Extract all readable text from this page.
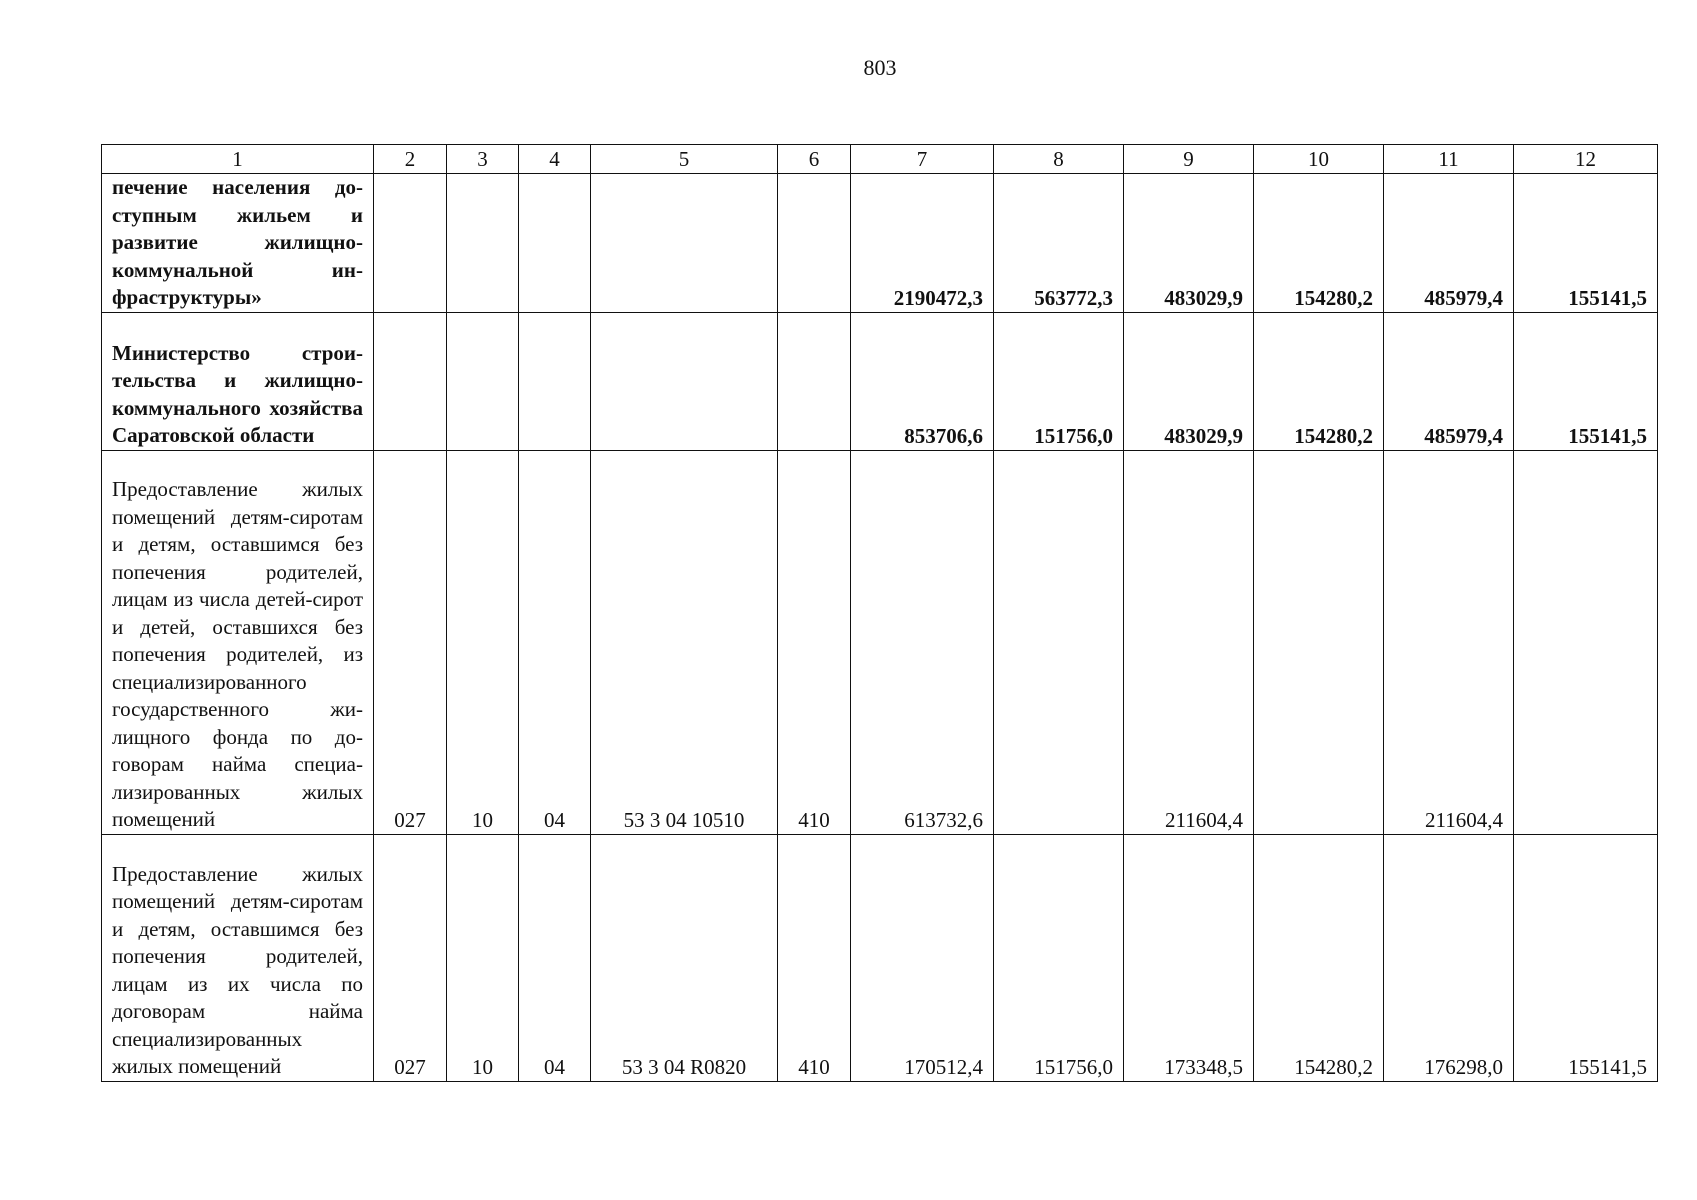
803
1	2	3	4	5	6	7	8	9	10	11	12
печение населения доступным жильем и развитие жилищно-коммунальной инфраструктуры»						2190472,3	563772,3	483029,9	154280,2	485979,4	155141,5
Министерство строительства и жилищно-коммунального хозяйства Саратовской области						853706,6	151756,0	483029,9	154280,2	485979,4	155141,5
Предоставление жилых помещений детям-сиротам и детям, оставшимся без попечения родителей, лицам из числа детей-сирот и детей, оставшихся без попечения родителей, из специализированного государственного жилищного фонда по договорам найма специализированных жилых помещений	027	10	04	53 3 04 10510	410	613732,6		211604,4		211604,4	
Предоставление жилых помещений детям-сиротам и детям, оставшимся без попечения родителей, лицам из их числа по договорам найма специализированных жилых помещений	027	10	04	53 3 04 R0820	410	170512,4	151756,0	173348,5	154280,2	176298,0	155141,5
